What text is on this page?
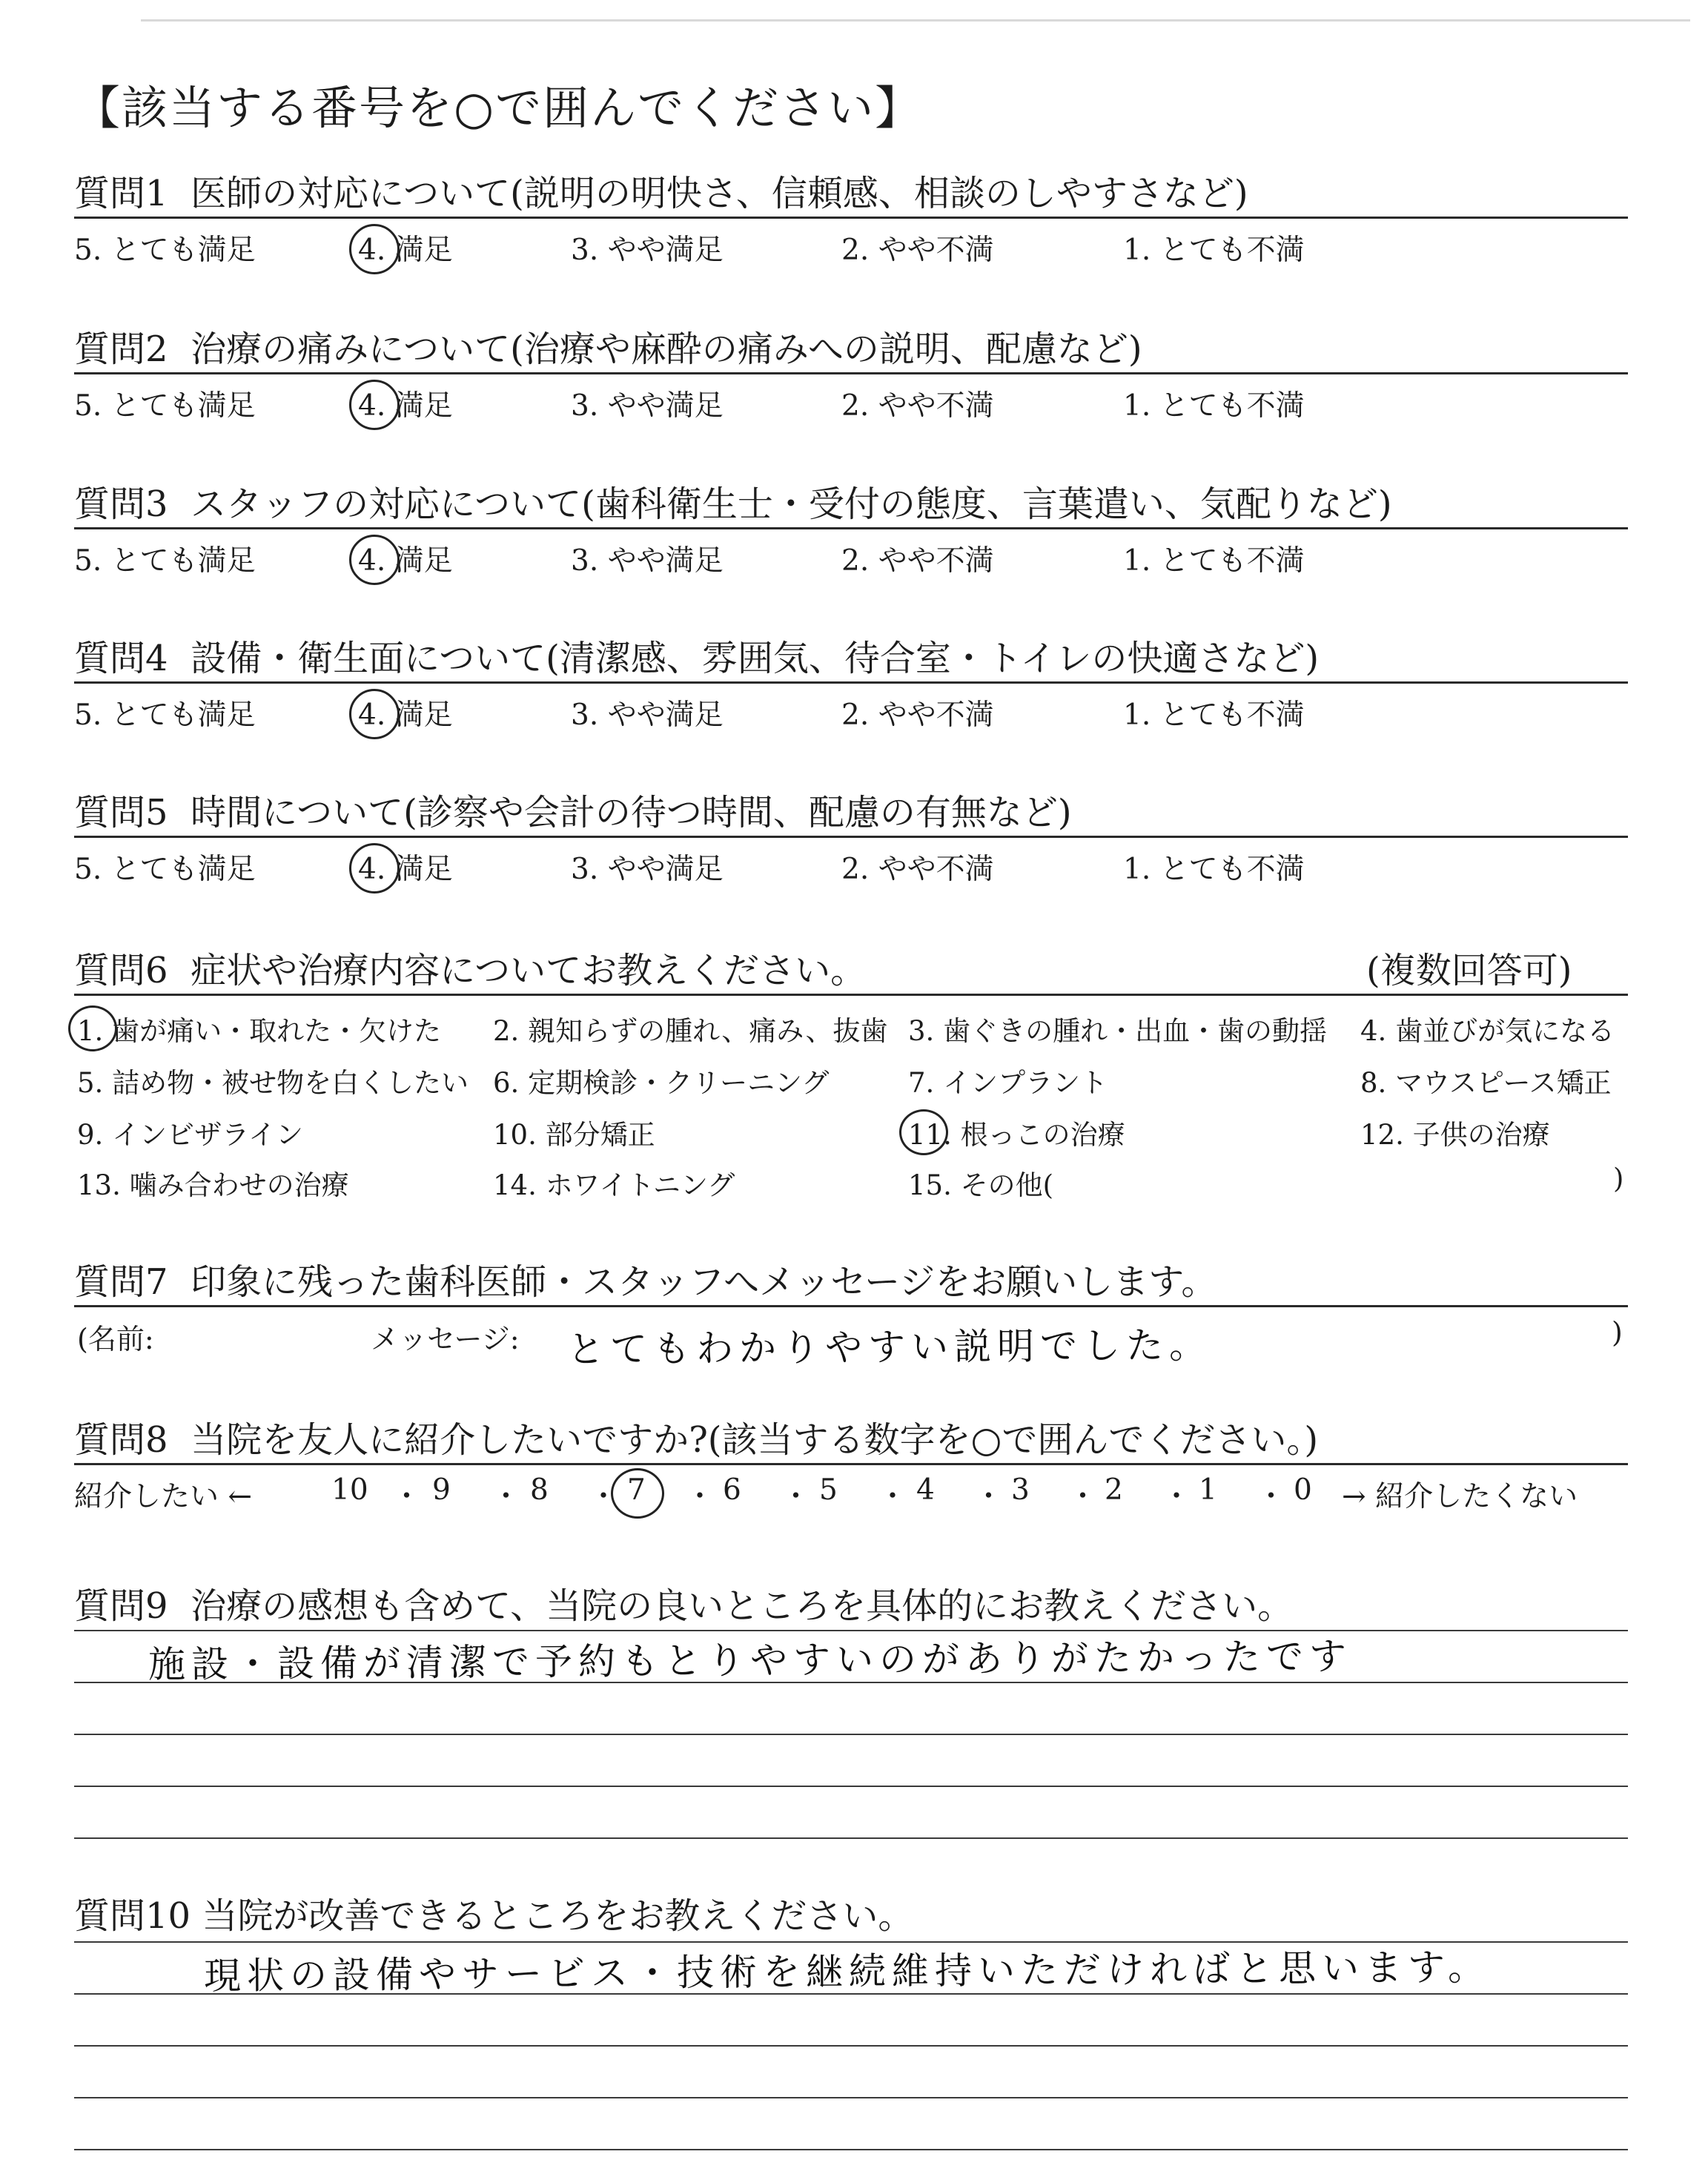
【該当する番号を○で囲んでください】
質問1 医師の対応について(説明の明快さ、信頼感、相談のしやすさなど)
5. とても満足	4. 満足	3. やや満足	2. やや不満	1. とても不満
質問2 治療の痛みについて(治療や麻酔の痛みへの説明、配慮など)
5. とても満足	4. 満足	3. やや満足	2. やや不満	1. とても不満
質問3 スタッフの対応について(歯科衛生士・受付の態度、言葉遣い、気配りなど)
5. とても満足	4. 満足	3. やや満足	2. やや不満	1. とても不満
質問4 設備・衛生面について(清潔感、雰囲気、待合室・トイレの快適さなど)
5. とても満足	4. 満足	3. やや満足	2. やや不満	1. とても不満
質問5 時間について(診察や会計の待つ時間、配慮の有無など)
5. とても満足	4. 満足	3. やや満足	2. やや不満	1. とても不満
質問6 症状や治療内容についてお教えください。	(複数回答可)
1. 歯が痛い・取れた・欠けた 2. 親知らずの腫れ、痛み、抜歯 3. 歯ぐきの腫れ・出血・歯の動揺 4. 歯並びが気になる
5. 詰め物・被せ物を白くしたい 6. 定期検診・クリーニング	7. インプラント	8. マウスピース矯正
9. インビザライン	10. 部分矯正	11. 根っこの治療	12. 子供の治療
13. 噛み合わせの治療	14. ホワイトニング	15. その他(	)
質問7 印象に残った歯科医師・スタッフへメッセージをお願いします。
(名前:	メッセージ: とてもわかりやすい説明でした。	)
質問8 当院を友人に紹介したいですか?(該当する数字を○で囲んでください。)
紹介したい ←	10 ・ 9 ・ 8 ・ 7 ・ 6 ・ 5 ・ 4 ・ 3 ・ 2 ・ 1 ・ 0 → 紹介したくない
質問9 治療の感想も含めて、当院の良いところを具体的にお教えください。
施設・設備が清潔で予約もとりやすいのがありがたかったです
質問10 当院が改善できるところをお教えください。
現状の設備やサービス・技術を継続維持いただければと思います。
